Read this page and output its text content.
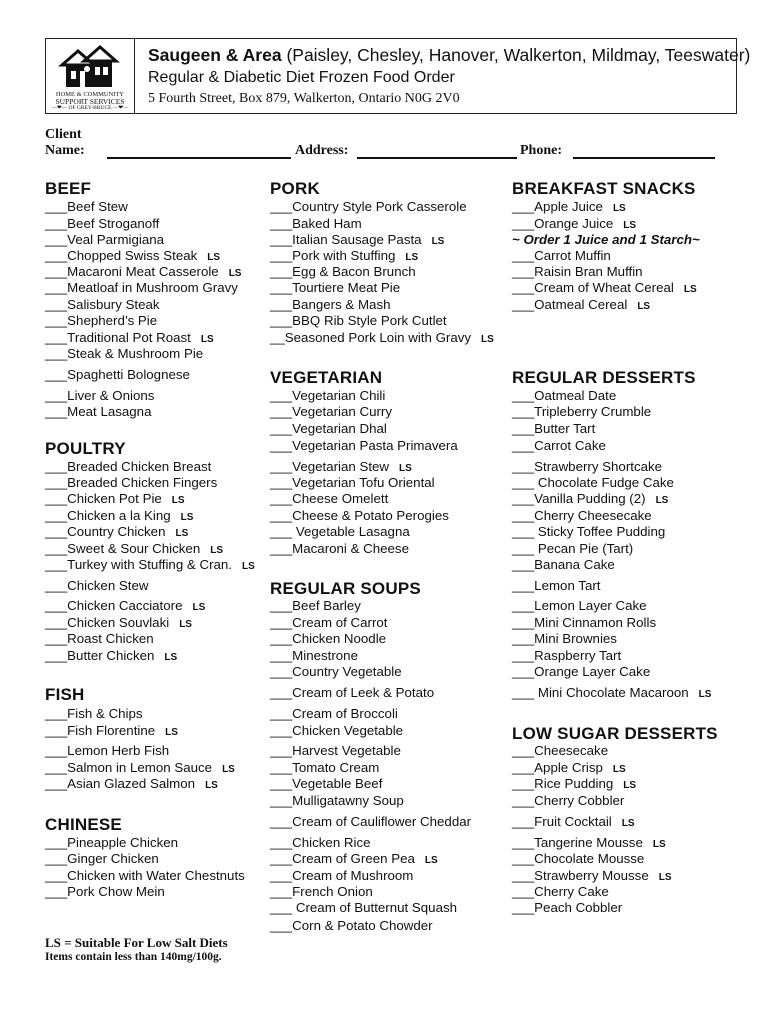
HOME & COMMUNITY
SUPPORT SERVICES
—❤— OF GREY-BRUCE —❤—
Saugeen & Area (Paisley, Chesley, Hanover, Walkerton, Mildmay, Teeswater)
Regular & Diabetic Diet Frozen Food Order
5 Fourth Street, Box 879, Walkerton, Ontario N0G 2V0
Client
Name:	Address:	Phone:
BEEF
___Beef Stew
___Beef Stroganoff
___Veal Parmigiana
___Chopped Swiss Steak LS
___Macaroni Meat Casserole LS
___Meatloaf in Mushroom Gravy
___Salisbury Steak
___Shepherd’s Pie
___Traditional Pot Roast LS
___Steak & Mushroom Pie
___Spaghetti Bolognese
___Liver & Onions
___Meat Lasagna
POULTRY
___Breaded Chicken Breast
___Breaded Chicken Fingers
___Chicken Pot Pie LS
___Chicken a la King LS
___Country Chicken LS
___Sweet & Sour Chicken LS
___Turkey with Stuffing & Cran. LS
___Chicken Stew
___Chicken Cacciatore LS
___Chicken Souvlaki LS
___Roast Chicken
___Butter Chicken LS
FISH
___Fish & Chips
___Fish Florentine LS
___Lemon Herb Fish
___Salmon in Lemon Sauce LS
___Asian Glazed Salmon LS
CHINESE
___Pineapple Chicken
___Ginger Chicken
___Chicken with Water Chestnuts
___Pork Chow Mein
PORK
___Country Style Pork Casserole
___Baked Ham
___Italian Sausage Pasta LS
___Pork with Stuffing LS
___Egg & Bacon Brunch
___Tourtiere Meat Pie
___Bangers & Mash
___BBQ Rib Style Pork Cutlet
__Seasoned Pork Loin with Gravy LS
VEGETARIAN
___Vegetarian Chili
___Vegetarian Curry
___Vegetarian Dhal
___Vegetarian Pasta Primavera
___Vegetarian Stew LS
___Vegetarian Tofu Oriental
___Cheese Omelett
___Cheese & Potato Perogies
___ Vegetable Lasagna
___Macaroni & Cheese
REGULAR SOUPS
___Beef Barley
___Cream of Carrot
___Chicken Noodle
___Minestrone
___Country Vegetable
___Cream of Leek & Potato
___Cream of Broccoli
___Chicken Vegetable
___Harvest Vegetable
___Tomato Cream
___Vegetable Beef
___Mulligatawny Soup
___Cream of Cauliflower Cheddar
___Chicken Rice
___Cream of Green Pea LS
___Cream of Mushroom
___French Onion
___ Cream of Butternut Squash
___Corn & Potato Chowder
BREAKFAST SNACKS
___Apple Juice LS
___Orange Juice LS
~ Order 1 Juice and 1 Starch~
___Carrot Muffin
___Raisin Bran Muffin
___Cream of Wheat Cereal LS
___Oatmeal Cereal LS
REGULAR DESSERTS
___Oatmeal Date
___Tripleberry Crumble
___Butter Tart
___Carrot Cake
___Strawberry Shortcake
___ Chocolate Fudge Cake
___Vanilla Pudding (2) LS
___Cherry Cheesecake
___ Sticky Toffee Pudding
___ Pecan Pie (Tart)
___Banana Cake
___Lemon Tart
___Lemon Layer Cake
___Mini Cinnamon Rolls
___Mini Brownies
___Raspberry Tart
___Orange Layer Cake
___ Mini Chocolate Macaroon LS
LOW SUGAR DESSERTS
___Cheesecake
___Apple Crisp LS
___Rice Pudding LS
___Cherry Cobbler
___Fruit Cocktail LS
___Tangerine Mousse LS
___Chocolate Mousse
___Strawberry Mousse LS
___Cherry Cake
___Peach Cobbler
LS = Suitable For Low Salt Diets
Items contain less than 140mg/100g.
